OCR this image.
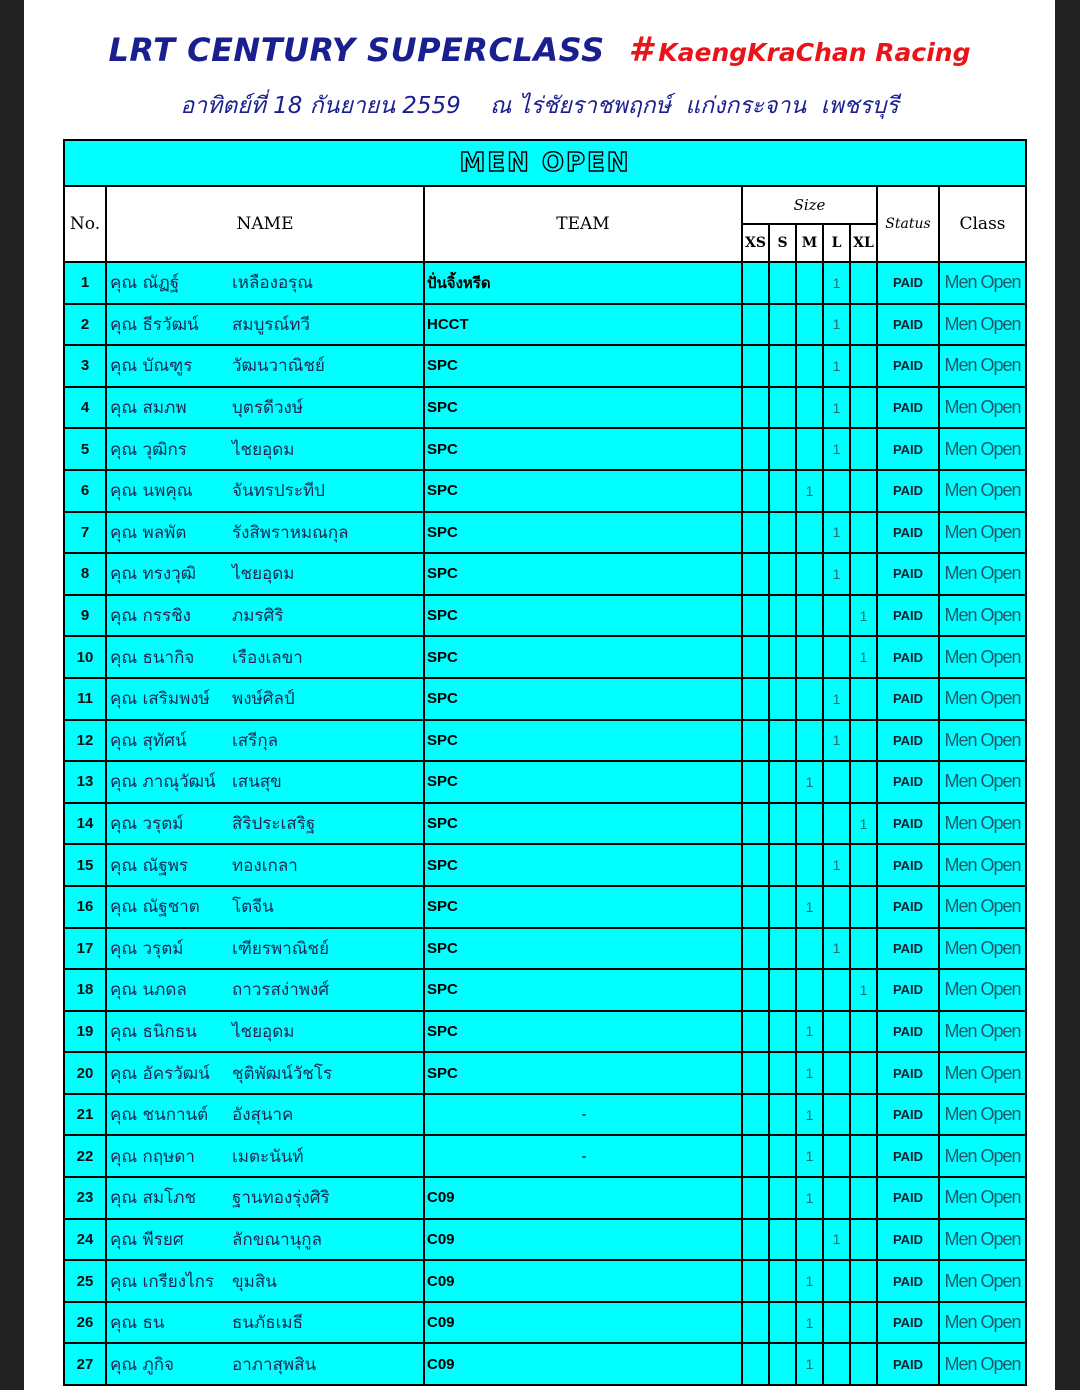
LRT CENTURY SUPERCLASS # KaengKraChan Racing
อาทิตย์ที่ 18 กันยายน 2559    ณ ไร่ชัยราชพฤกษ์  แก่งกระจาน  เพชรบุรี
MEN OPEN									
No.	NAME	TEAM	Size					Status	Class
			XS	S	M	L	XL		
1	คุณ ณัฏฐ์ เหลืองอรุณ	ปั่นจิ้งหรีด				1		PAID	Men Open
2	คุณ ธีรวัฒน์ สมบูรณ์ทวี	HCCT				1		PAID	Men Open
3	คุณ บัณฑูร วัฒนวาณิชย์	SPC				1		PAID	Men Open
4	คุณ สมภพ บุตรดีวงษ์	SPC				1		PAID	Men Open
5	คุณ วุฒิกร ไชยอุดม	SPC				1		PAID	Men Open
6	คุณ นพคุณ จันทรประทีป	SPC			1			PAID	Men Open
7	คุณ พลพัต รังสิพราหมณกุล	SPC				1		PAID	Men Open
8	คุณ ทรงวุฒิ ไชยอุดม	SPC				1		PAID	Men Open
9	คุณ กรรชิง ภมรศิริ	SPC					1	PAID	Men Open
10	คุณ ธนากิจ เรืองเลขา	SPC					1	PAID	Men Open
11	คุณ เสริมพงษ์ พงษ์ศิลป์	SPC				1		PAID	Men Open
12	คุณ สุทัศน์ เสรีกุล	SPC				1		PAID	Men Open
13	คุณ ภาณุวัฒน์ เสนสุข	SPC			1			PAID	Men Open
14	คุณ วรุตม์ สิริประเสริฐ	SPC					1	PAID	Men Open
15	คุณ ณัฐพร ทองเกลา	SPC				1		PAID	Men Open
16	คุณ ณัฐชาต โตจีน	SPC			1			PAID	Men Open
17	คุณ วรุตม์ เฑียรพาณิชย์	SPC				1		PAID	Men Open
18	คุณ นภดล ถาวรสง่าพงศ์	SPC					1	PAID	Men Open
19	คุณ ธนิกธน ไชยอุดม	SPC			1			PAID	Men Open
20	คุณ อัครวัฒน์ ชุติพัฒน์วัชโร	SPC			1			PAID	Men Open
21	คุณ ชนกานต์ อังสุนาค	-			1			PAID	Men Open
22	คุณ กฤษดา เมตะนันท์	-			1			PAID	Men Open
23	คุณ สมโภช ฐานทองรุ่งศิริ	C09			1			PAID	Men Open
24	คุณ พีรยศ ลักขณานุกูล	C09				1		PAID	Men Open
25	คุณ เกรียงไกร ขุมสิน	C09			1			PAID	Men Open
26	คุณ ธน ธนภัธเมธี	C09			1			PAID	Men Open
27	คุณ ภูกิจ อาภาสุพสิน	C09			1			PAID	Men Open
